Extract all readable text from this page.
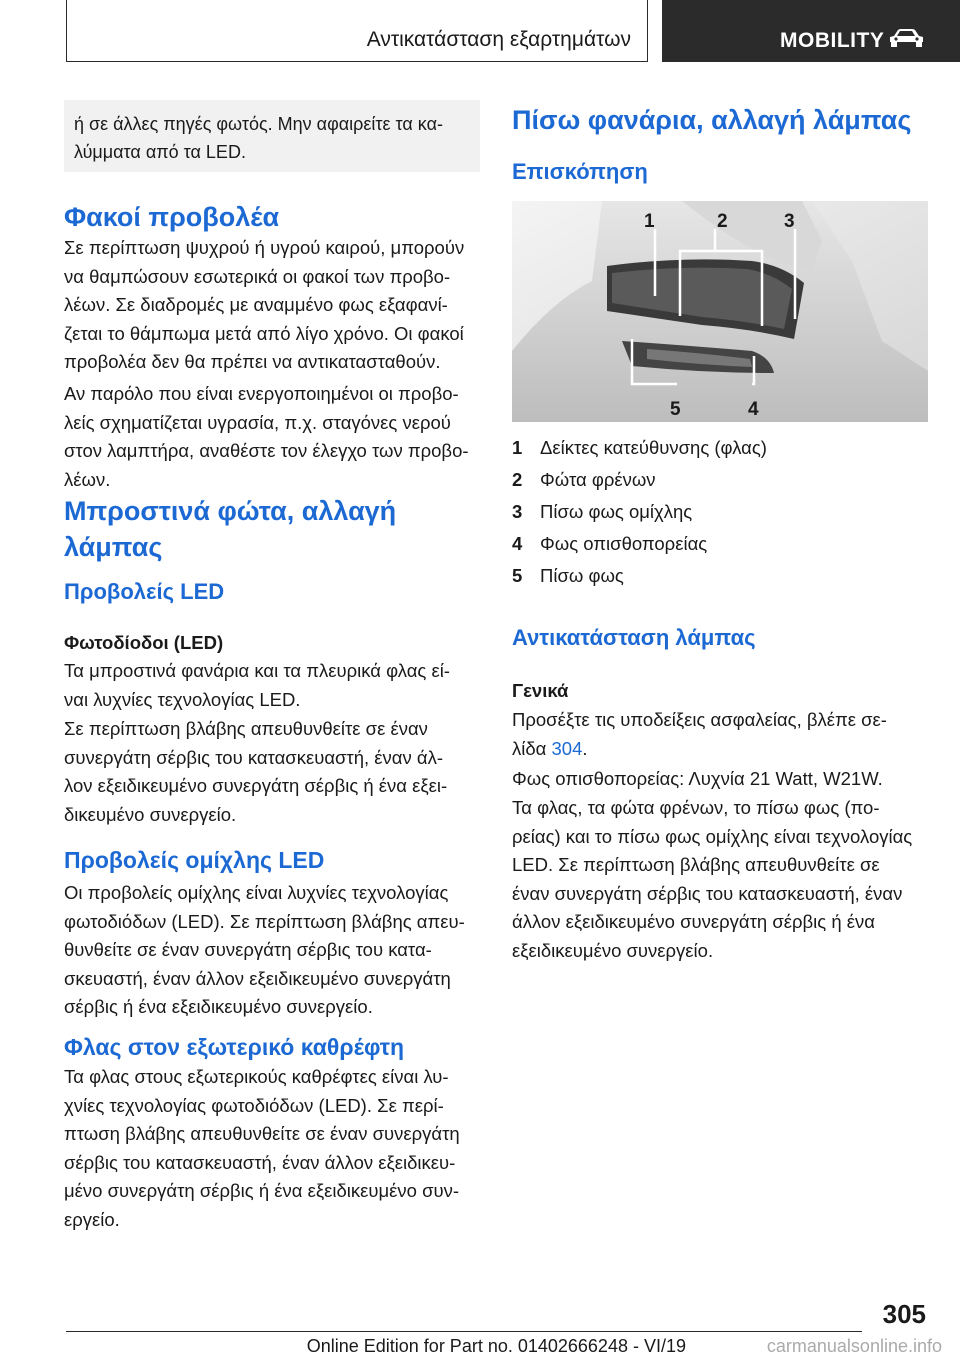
Αντικατάσταση εξαρτημάτων	MOBILITY
ή σε άλλες πηγές φωτός. Μην αφαιρείτε τα κα-
λύμματα από τα LED.
Φακοί προβολέα
Σε περίπτωση ψυχρού ή υγρού καιρού, μπορούν
να θαμπώσουν εσωτερικά οι φακοί των προβο-
λέων. Σε διαδρομές με αναμμένο φως εξαφανί-
ζεται το θάμπωμα μετά από λίγο χρόνο. Οι φακοί
προβολέα δεν θα πρέπει να αντικατασταθούν.
Αν παρόλο που είναι ενεργοποιημένοι οι προβο-
λείς σχηματίζεται υγρασία, π.χ. σταγόνες νερού
στον λαμπτήρα, αναθέστε τον έλεγχο των προβο-
λέων.
Μπροστινά φώτα, αλλαγή
λάμπας
Προβολείς LED
Φωτοδίοδοι (LED)
Τα μπροστινά φανάρια και τα πλευρικά φλας εί-
ναι λυχνίες τεχνολογίας LED.
Σε περίπτωση βλάβης απευθυνθείτε σε έναν
συνεργάτη σέρβις του κατασκευαστή, έναν άλ-
λον εξειδικευμένο συνεργάτη σέρβις ή ένα εξει-
δικευμένο συνεργείο.
Προβολείς ομίχλης LED
Οι προβολείς ομίχλης είναι λυχνίες τεχνολογίας
φωτοδιόδων (LED). Σε περίπτωση βλάβης απευ-
θυνθείτε σε έναν συνεργάτη σέρβις του κατα-
σκευαστή, έναν άλλον εξειδικευμένο συνεργάτη
σέρβις ή ένα εξειδικευμένο συνεργείο.
Φλας στον εξωτερικό καθρέφτη
Τα φλας στους εξωτερικούς καθρέφτες είναι λυ-
χνίες τεχνολογίας φωτοδιόδων (LED). Σε περί-
πτωση βλάβης απευθυνθείτε σε έναν συνεργάτη
σέρβις του κατασκευαστή, έναν άλλον εξειδικευ-
μένο συνεργάτη σέρβις ή ένα εξειδικευμένο συν-
εργείο.
Πίσω φανάρια, αλλαγή λάμπας
Επισκόπηση
1	2	3
4
5
1 Δείκτες κατεύθυνσης (φλας)
2 Φώτα φρένων
3 Πίσω φως ομίχλης
4 Φως οπισθοπορείας
5 Πίσω φως
Αντικατάσταση λάμπας
Γενικά
Προσέξτε τις υποδείξεις ασφαλείας, βλέπε σε-
λίδα 304.
Φως οπισθοπορείας: Λυχνία 21 Watt, W21W.
Τα φλας, τα φώτα φρένων, το πίσω φως (πο-
ρείας) και το πίσω φως ομίχλης είναι τεχνολογίας
LED. Σε περίπτωση βλάβης απευθυνθείτε σε
έναν συνεργάτη σέρβις του κατασκευαστή, έναν
άλλον εξειδικευμένο συνεργάτη σέρβις ή ένα
εξειδικευμένο συνεργείο.
305
Online Edition for Part no. 01402666248 - VI/19	carmanualsonline.info
